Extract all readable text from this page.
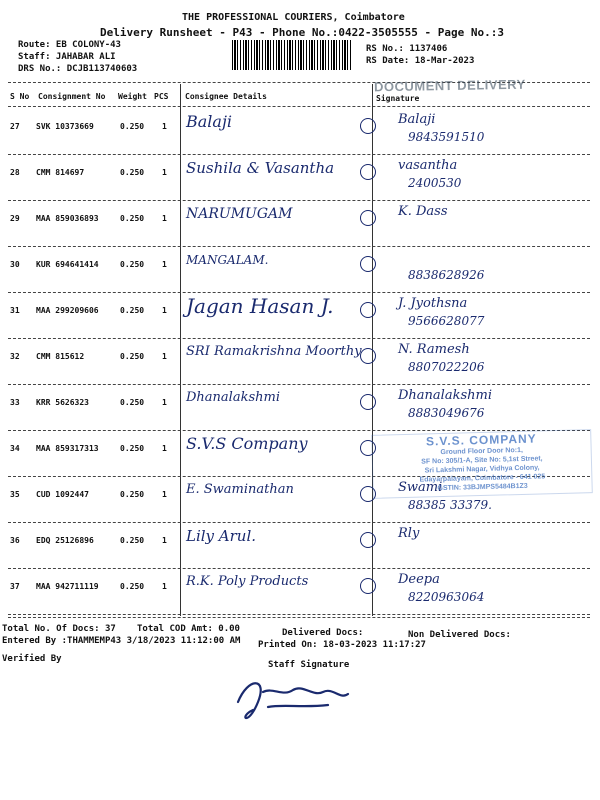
THE PROFESSIONAL COURIERS, Coimbatore
Delivery Runsheet - P43 - Phone No.:0422-3505555 - Page No.:3
Route: EB COLONY-43
Staff: JAHABAR ALI
DRS No.: DCJB113740603
RS No.: 1137406
RS Date: 18-Mar-2023
DOCUMENT DELIVERY
S No Consignment No Weight PCS Consignee Details	Signature
27 SVK 10373669	0.250 1 Balaji	Balaji
9843591510
28 CMM 814697	0.250 1 Sushila & Vasantha	vasantha
2400530
29 MAA 859036893	0.250 1 NARUMUGAM	K. Dass
30 KUR 694641414	0.250 1 MANGALAM.
8838628926
31 MAA 299209606	0.250 1 Jagan Hasan J.	J. Jyothsna
9566628077
32 CMM 815612	0.250 1 SRI Ramakrishna Moorthy	N. Ramesh
8807022206
33 KRR 5626323	0.250 1 Dhanalakshmi	Dhanalakshmi
8883049676
34 MAA 859317313	0.250 1 S.V.S Company
35 CUD 1092447	0.250 1 E. Swaminathan	Swami
88385 33379.
36 EDQ 25126896	0.250 1 Lily Arul.	Rly
37 MAA 942711119	0.250 1 R.K. Poly Products	Deepa
8220963064
S.V.S. COMPANY
Ground Floor Door No:1,
SF No: 305/1-A, Site No: 5,1st Street,
Sri Lakshmi Nagar, Vidhya Colony,
Edayarpalayam, Coimbatore - 641 025
GSTIN: 33BJMPS5484B1Z3
Total No. Of Docs: 37 Total COD Amt: 0.00	Delivered Docs:	Non Delivered Docs:
Entered By :THAMMEMP43 3/18/2023 11:12:00 AM Printed On: 18-03-2023 11:17:27
Verified By
Staff Signature
